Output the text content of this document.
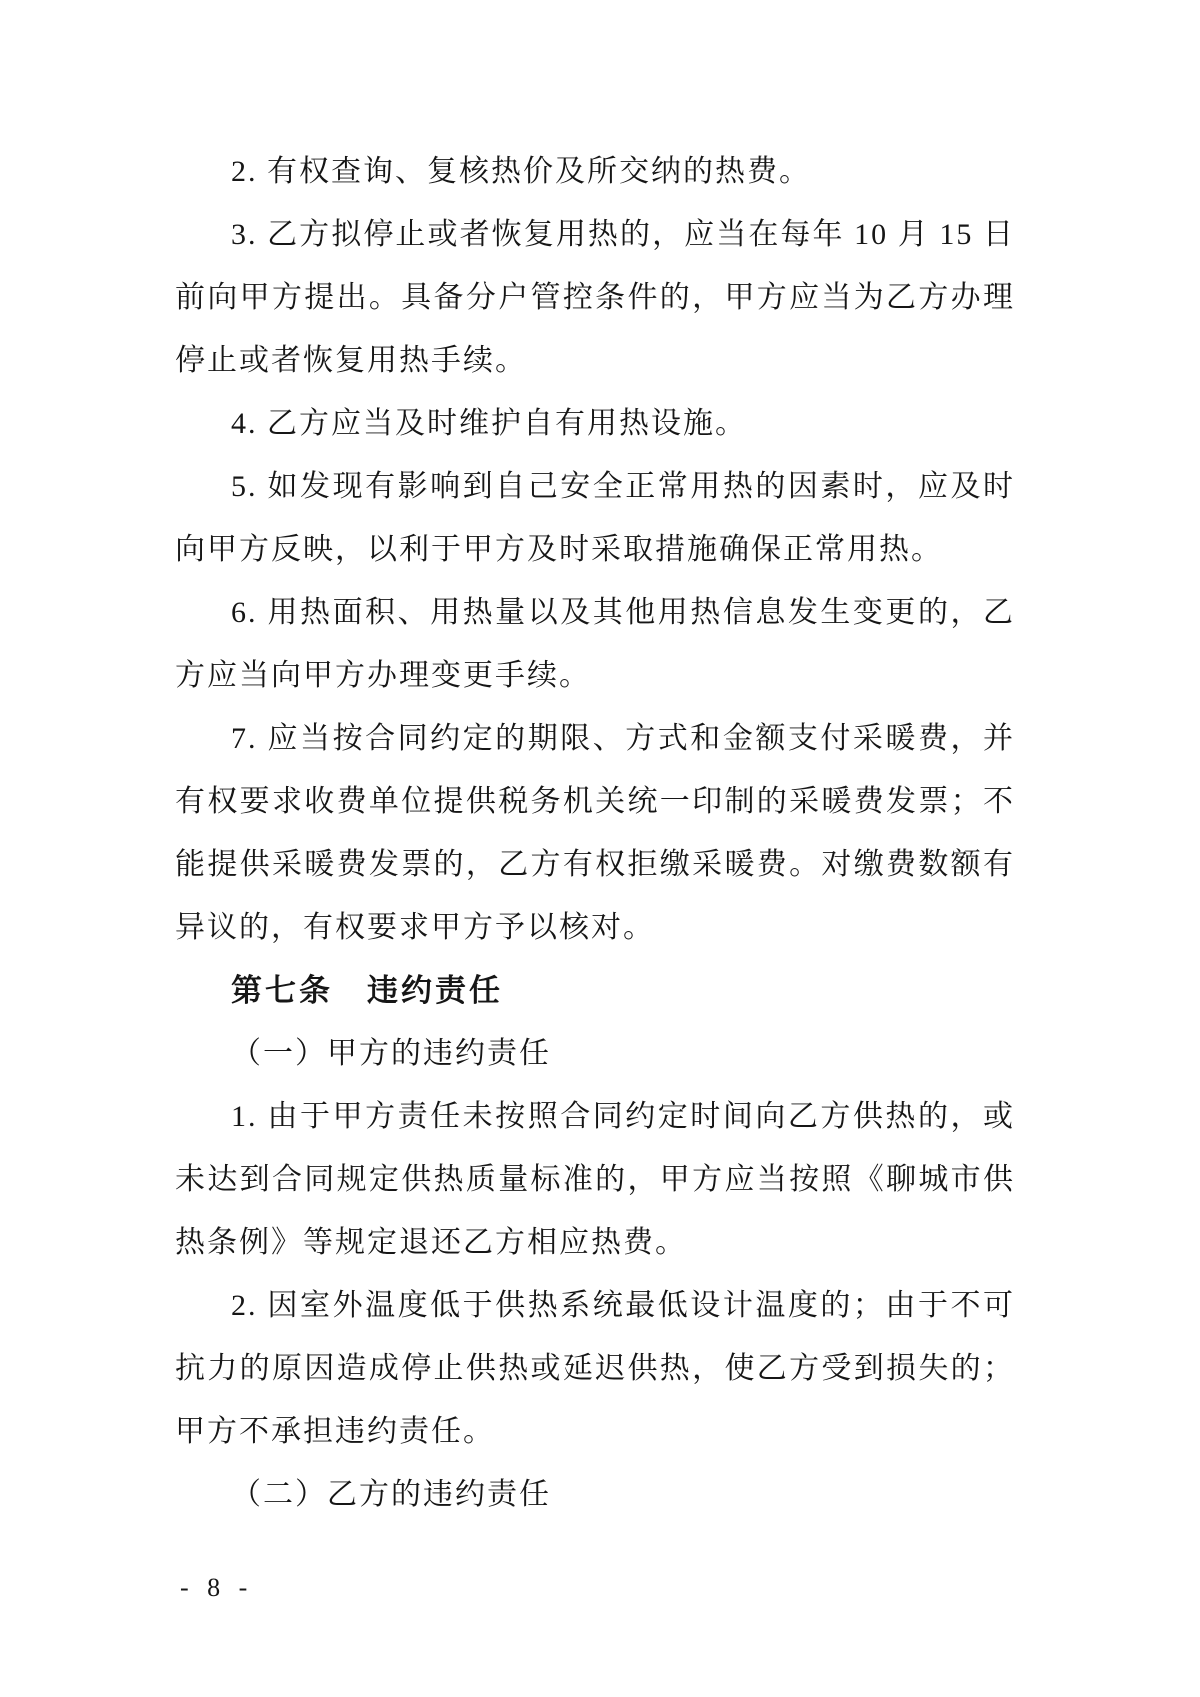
2. 有权查询、复核热价及所交纳的热费。
3. 乙方拟停止或者恢复用热的，应当在每年 10 月 15 日
前向甲方提出。具备分户管控条件的，甲方应当为乙方办理
停止或者恢复用热手续。
4. 乙方应当及时维护自有用热设施。
5. 如发现有影响到自己安全正常用热的因素时，应及时
向甲方反映，以利于甲方及时采取措施确保正常用热。
6. 用热面积、用热量以及其他用热信息发生变更的，乙
方应当向甲方办理变更手续。
7. 应当按合同约定的期限、方式和金额支付采暖费，并
有权要求收费单位提供税务机关统一印制的采暖费发票；不
能提供采暖费发票的，乙方有权拒缴采暖费。对缴费数额有
异议的，有权要求甲方予以核对。
第七条　违约责任
（一）甲方的违约责任
1. 由于甲方责任未按照合同约定时间向乙方供热的，或
未达到合同规定供热质量标准的，甲方应当按照《聊城市供
热条例》等规定退还乙方相应热费。
2. 因室外温度低于供热系统最低设计温度的；由于不可
抗力的原因造成停止供热或延迟供热，使乙方受到损失的；
甲方不承担违约责任。
（二）乙方的违约责任
- 8 -
